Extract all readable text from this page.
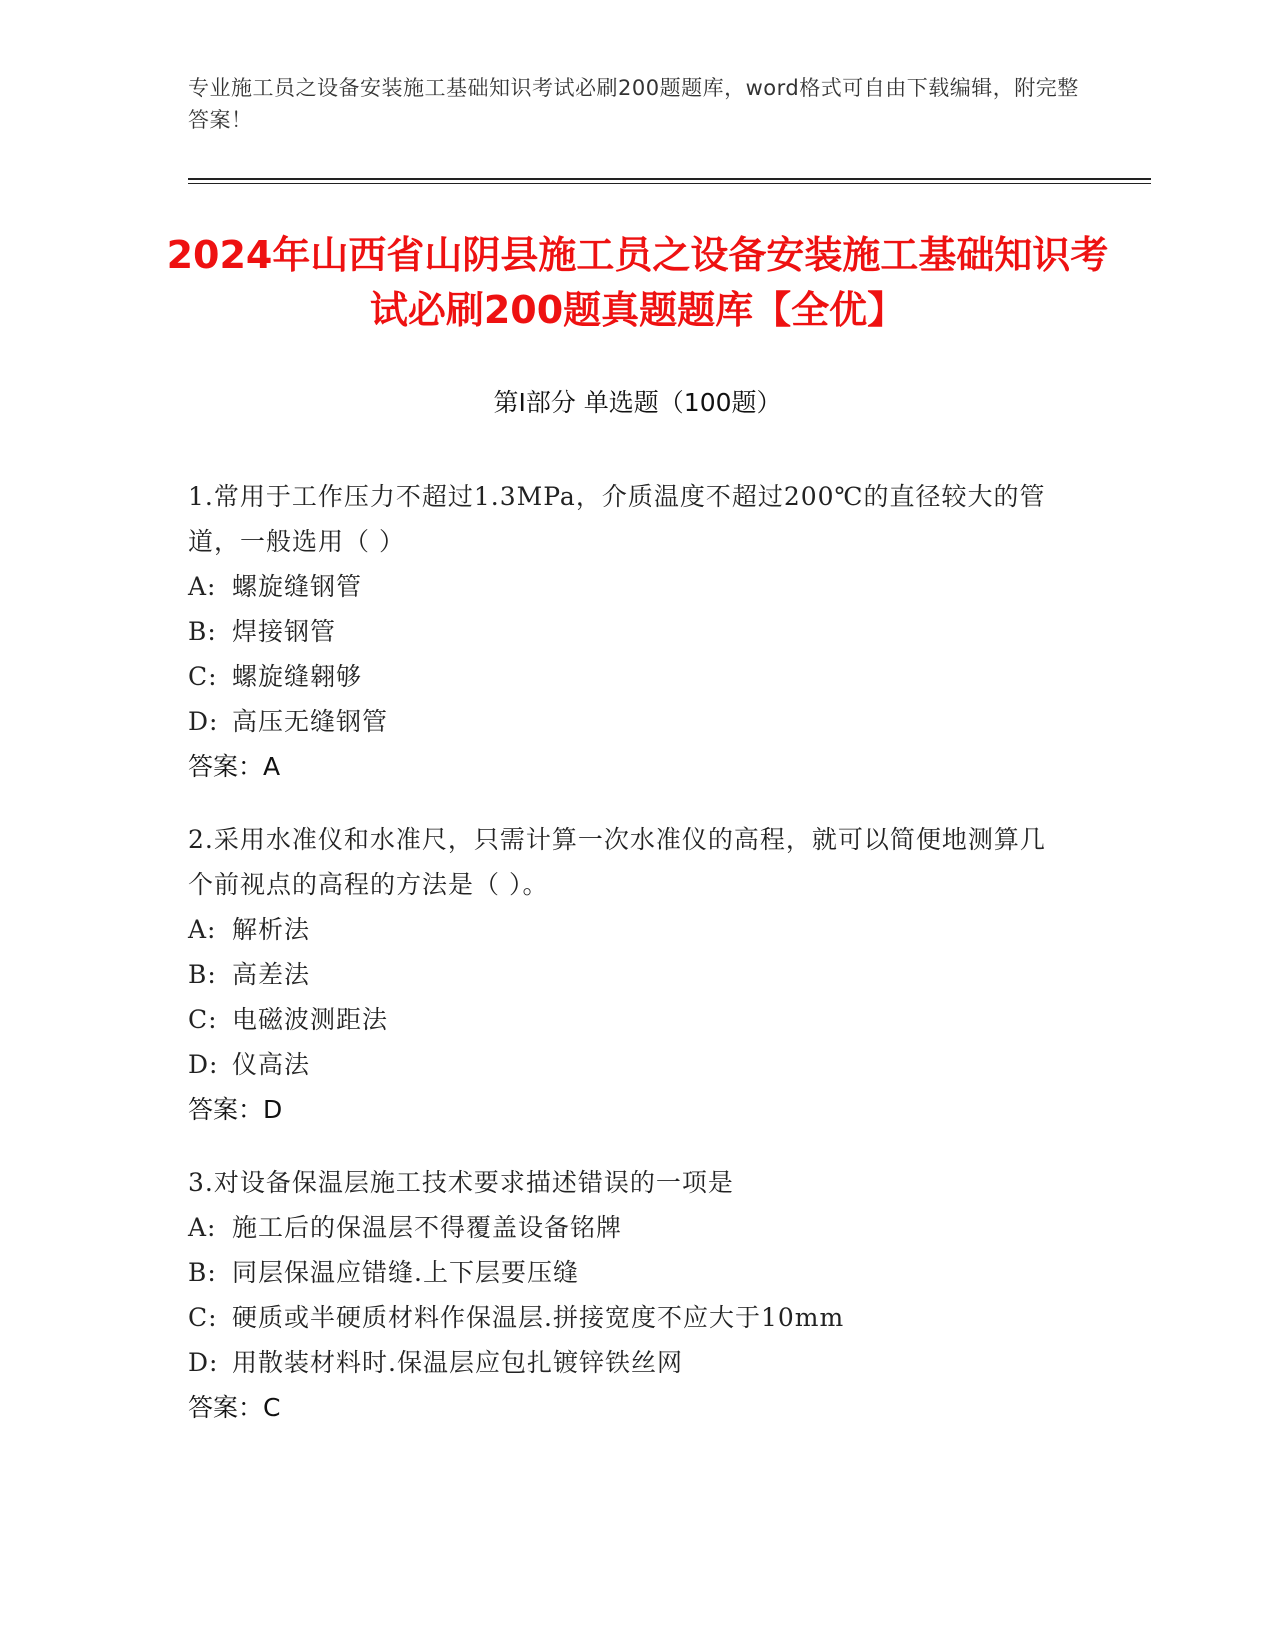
专业施工员之设备安装施工基础知识考试必刷200题题库，word格式可自由下载编辑，附完整答案！
2024年山西省山阴县施工员之设备安装施工基础知识考试必刷200题真题题库【全优】
第Ⅰ部分 单选题（100题）

1.常用于工作压力不超过1.3MPa，介质温度不超过200℃的直径较大的管道，一般选用（ ）

A: 螺旋缝钢管
B: 焊接钢管
C: 螺旋缝翱够
D: 高压无缝钢管

答案：A

2.采用水准仪和水准尺，只需计算一次水准仪的高程，就可以简便地测算几个前视点的高程的方法是（ ）。

A: 解析法
B: 高差法
C: 电磁波测距法
D: 仪高法

答案：D

3.对设备保温层施工技术要求描述错误的一项是

A: 施工后的保温层不得覆盖设备铭牌
B: 同层保温应错缝.上下层要压缝
C: 硬质或半硬质材料作保温层.拼接宽度不应大于10mm
D: 用散装材料时.保温层应包扎镀锌铁丝网

答案：C
